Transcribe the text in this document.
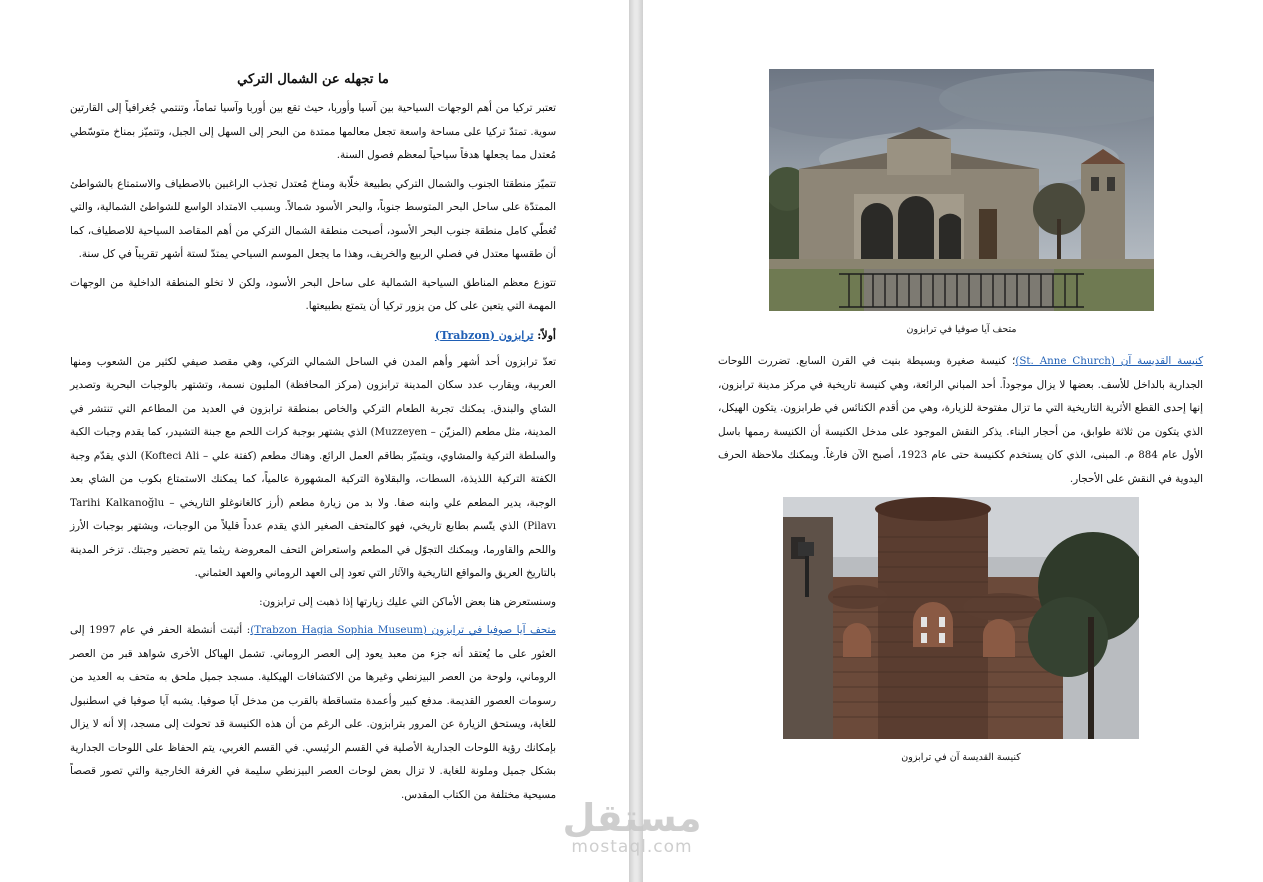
ما تجهله عن الشمال التركي

تعتبر تركيا من أهم الوجهات السياحية بين آسيا وأوربا، حيث تقع بين أوربا وآسيا تماماً، وتنتمي جُغرافياً إلى القارتين سوية. تمتدّ تركيا على مساحة واسعة تجعل معالمها ممتدة من البحر إلى السهل إلى الجبل، وتتميّز بمناخ متوسّطي مُعتدل مما يجعلها هدفاً سياحياً لمعظم فصول السنة.

تتميّز منطقتا الجنوب والشمال التركي بطبيعة خلّابة ومناخ مُعتدل تجذب الراغبين بالاصطياف والاستمتاع بالشواطئ الممتدّة على ساحل البحر المتوسط جنوباً، والبحر الأسود شمالاً. وبسبب الامتداد الواسع للشواطئ الشمالية، والتي تُغطّي كامل منطقة جنوب البحر الأسود، أصبحت منطقة الشمال التركي من أهم المقاصد السياحية للاصطياف، كما أن طقسها معتدل في فصلي الربيع والخريف، وهذا ما يجعل الموسم السياحي يمتدّ لستة أشهر تقريباً في كل سنة.

تتوزع معظم المناطق السياحية الشمالية على ساحل البحر الأسود، ولكن لا تخلو المنطقة الداخلية من الوجهات المهمة التي يتعين على كل من يزور تركيا أن يتمتع بطبيعتها.

أولاً: ترابزون (Trabzon)

تعدّ ترابزون أحد أشهر وأهم المدن في الساحل الشمالي التركي، وهي مقصد صيفي لكثير من الشعوب ومنها العربية، ويقارب عدد سكان المدينة ترابزون (مركز المحافظة) المليون نسمة، وتشتهر بالوجبات البحرية وتصدير الشاي والبندق. يمكنك تجربة الطعام التركي والخاص بمنطقة ترابزون في العديد من المطاعم التي تنتشر في المدينة، مثل مطعم (المزيّن – Muzzeyen) الذي يشتهر بوجبة كرات اللحم مع جبنة التشيدر، كما يقدم وجبات الكبة والسلطة التركية والمشاوي، ويتميّز بطاقم العمل الرائع. وهناك مطعم (كفتة علي – Kofteci Ali) الذي يقدّم وجبة الكفتة التركية اللذيذة، السطات، والبقلاوة التركية المشهورة عالمياً، كما يمكنك الاستمتاع بكوب من الشاي بعد الوجبة، يدير المطعم علي وابنه صفا. ولا بد من زيارة مطعم (أرز كالغانوغلو التاريخي – Tarihi Kalkanoğlu Pilavı) الذي يتّسم بطابع تاريخي، فهو كالمتحف الصغير الذي يقدم عدداً قليلاً من الوجبات، ويشتهر بوجبات الأرز واللحم والقاورما، ويمكنك التجوّل في المطعم واستعراض التحف المعروضة ريثما يتم تحضير وجبتك. تزخر المدينة بالتاريخ العريق والمواقع التاريخية والآثار التي تعود إلى العهد الروماني والعهد العثماني.

وسنستعرض هنا بعض الأماكن التي عليك زيارتها إذا ذهبت إلى ترابزون:

متحف آيا صوفيا في ترابزون (Trabzon Hagia Sophia Museum): أثبتت أنشطة الحفر في عام 1997 إلى العثور على ما يُعتقد أنه جزء من معبد يعود إلى العصر الروماني. تشمل الهياكل الأخرى شواهد قبر من العصر الروماني، ولوحة من العصر البيزنطي وغيرها من الاكتشافات الهيكلية. مسجد جميل ملحق به متحف به العديد من رسومات العصور القديمة. مدفع كبير وأعمدة متساقطة بالقرب من مدخل آيا صوفيا. يشبه آيا صوفيا في اسطنبول للغاية، ويستحق الزيارة عن المرور بترابزون. على الرغم من أن هذه الكنيسة قد تحولت إلى مسجد، إلا أنه لا يزال بإمكانك رؤية اللوحات الجدارية الأصلية في القسم الرئيسي. في القسم الغربي، يتم الحفاظ على اللوحات الجدارية بشكل جميل وملونة للغاية. لا تزال بعض لوحات العصر البيزنطي سليمة في الغرفة الخارجية والتي تصور قصصاً مسيحية مختلفة من الكتاب المقدس.

متحف آيا صوفيا في ترابزون

كنيسة القديسة آن (St. Anne Church)؛ كنيسة صغيرة وبسيطة بنيت في القرن السابع. تضررت اللوحات الجدارية بالداخل للأسف. بعضها لا يزال موجوداً. أحد المباني الرائعة، وهي كنيسة تاريخية في مركز مدينة ترابزون، إنها إحدى القطع الأثرية التاريخية التي ما تزال مفتوحة للزيارة، وهي من أقدم الكنائس في طرابزون. يتكون الهيكل، الذي يتكون من ثلاثة طوابق، من أحجار البناء. يذكر النقش الموجود على مدخل الكنيسة أن الكنيسة رممها باسل الأول عام 884 م. المبنى، الذي كان يستخدم ككنيسة حتى عام 1923، أصبح الآن فارغاً. ويمكنك ملاحظة الحرف اليدوية في النقش على الأحجار.

كنيسة القديسة آن في ترابزون
مستقل
mostaql.com
